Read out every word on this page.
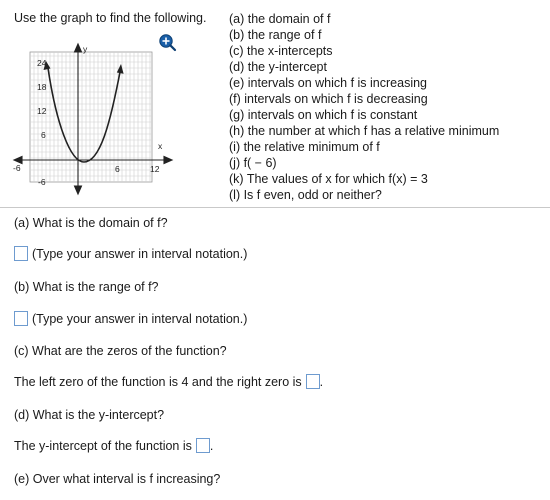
Use the graph to find the following.
y
x
24
18
12
6
-6
-6	6	12
(a) the domain of f
(b) the range of f
(c) the x-intercepts
(d) the y-intercept
(e) intervals on which f is increasing
(f) intervals on which f is decreasing
(g) intervals on which f is constant
(h) the number at which f has a relative minimum
(i) the relative minimum of f
(j) f( − 6)
(k) The values of x for which f(x) = 3
(l) Is f even, odd or neither?
(a) What is the domain of f?
(Type your answer in interval notation.)
(b) What is the range of f?
(Type your answer in interval notation.)
(c) What are the zeros of the function?
The left zero of the function is 4 and the right zero is .
(d) What is the y-intercept?
The y-intercept of the function is .
(e) Over what interval is f increasing?
